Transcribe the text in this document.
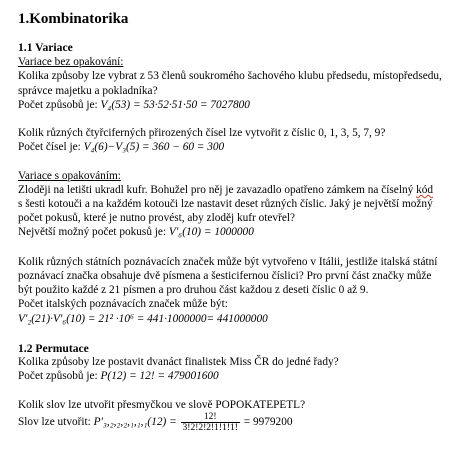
1.Kombinatorika
1.1 Variace
Variace bez opakování:
Kolika způsoby lze vybrat z 53 členů soukromého šachového klubu předsedu, místopředsedu,
správce majetku a pokladníka?
Počet způsobů je: V₄(53) = 53·52·51·50 = 7027800
Kolik různých čtyřciferných přirozených čísel lze vytvořit z číslic 0, 1, 3, 5, 7, 9?
Počet čísel je: V₄(6)−V₃(5) = 360 − 60 = 300
Variace s opakováním:
Zloději na letišti ukradl kufr. Bohužel pro něj je zavazadlo opatřeno zámkem na číselný kód
s šesti kotouči a na každém kotouči lze nastavit deset různých číslic. Jaký je největší možný
počet pokusů, které je nutno provést, aby zloděj kufr otevřel?
Největší možný počet pokusů je: V′₆(10) = 1000000
Kolik různých státních poznávacích značek může být vytvořeno v Itálii, jestliže italská státní
poznávací značka obsahuje dvě písmena a šesticifernou číslici? Pro první část značky může
být použito každé z 21 písmen a pro druhou část každou z deseti číslic 0 až 9.
Počet italských poznávacích značek může být:
V′₂(21)·V′₆(10) = 21² ·10⁶ = 441·1000000= 441000000
1.2 Permutace
Kolika způsoby lze postavit dvanáct finalistek Miss ČR do jedné řady?
Počet způsobů je: P(12) = 12! = 479001600
Kolik slov lze utvořit přesmyčkou ve slově POPOKATEPETL?
Slov lze utvořit: $P'_3,_2,_2,_2,_1,_1,_1(12) = \frac{12!}{3!2!2!2!1!1!1!} = 9979200$
